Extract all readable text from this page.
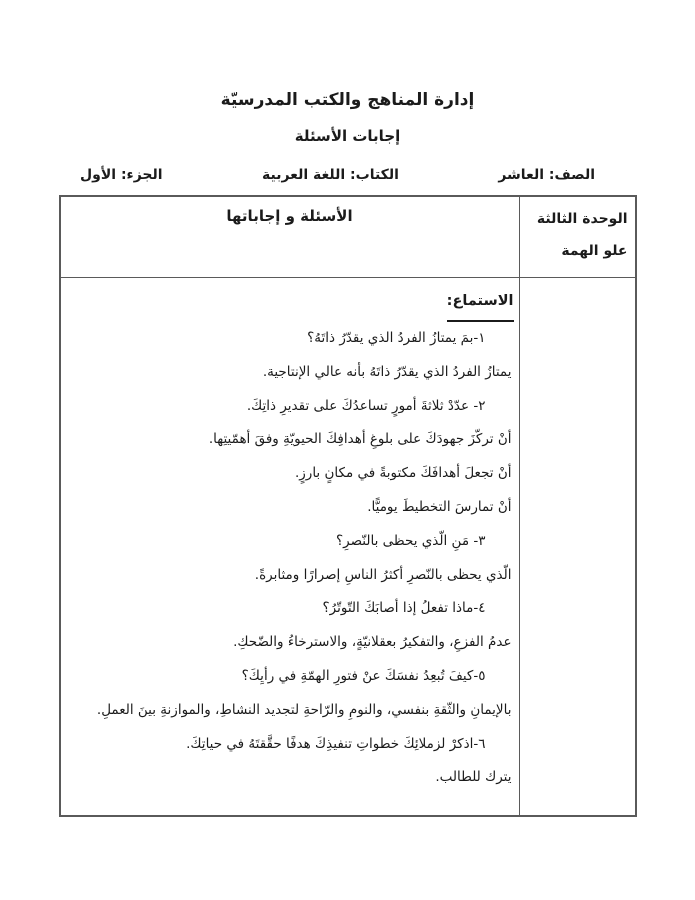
إدارة المناهج والكتب المدرسيّة
إجابات الأسئلة
الصف: العاشر
الكتاب: اللغة العربية
الجزء: الأول
الوحدة الثالثة
علو الهمة	الأسئلة و إجاباتها

الاستماع:
١-بمَ يمتازُ الفردُ الذي يقدّرُ ذاتَهُ؟
يمتازُ الفردُ الذي يقدّرُ ذاتَهُ بأنه عالي الإنتاجية.
٢- عدّدْ ثلاثةَ أمورٍ تساعدُكَ على تقديرِ ذاتِكَ.
أنْ تركّزَ جهودَكَ على بلوغِ أهدافِكَ الحيويّةِ وفقَ أهمّيتِها.
أنْ تجعلَ أهدافَكَ مكتوبةً في مكانٍ بارزٍ.
أنْ تمارسَ التخطيطَ يوميًّا.
٣- مَنِ الّذي يحظى بالنّصرِ؟
الّذي يحظى بالنّصرِ أكثرُ الناسِ إصرارًا ومثابرةً.
٤-ماذا تفعلُ إذا أصابَكَ التّوتّرُ؟
عدمُ الفزعِ، والتفكيرُ بعقلانيّةٍ، والاسترخاءُ والضّحكِ.
٥-كيفَ تُبعِدُ نفسَكَ عنْ فتورِ الهمّةِ في رأيِكَ؟
بالإيمانِ والثّقةِ بنفسي، والنومِ والرّاحةِ لتجديد النشاطِ، والموازنةِ بينَ العملِ.
٦-اذكرْ لزملائِكَ خطواتِ تنفيذِكَ هدفًا حقَّقتَهُ في حياتِكَ.
يترك للطالب.
